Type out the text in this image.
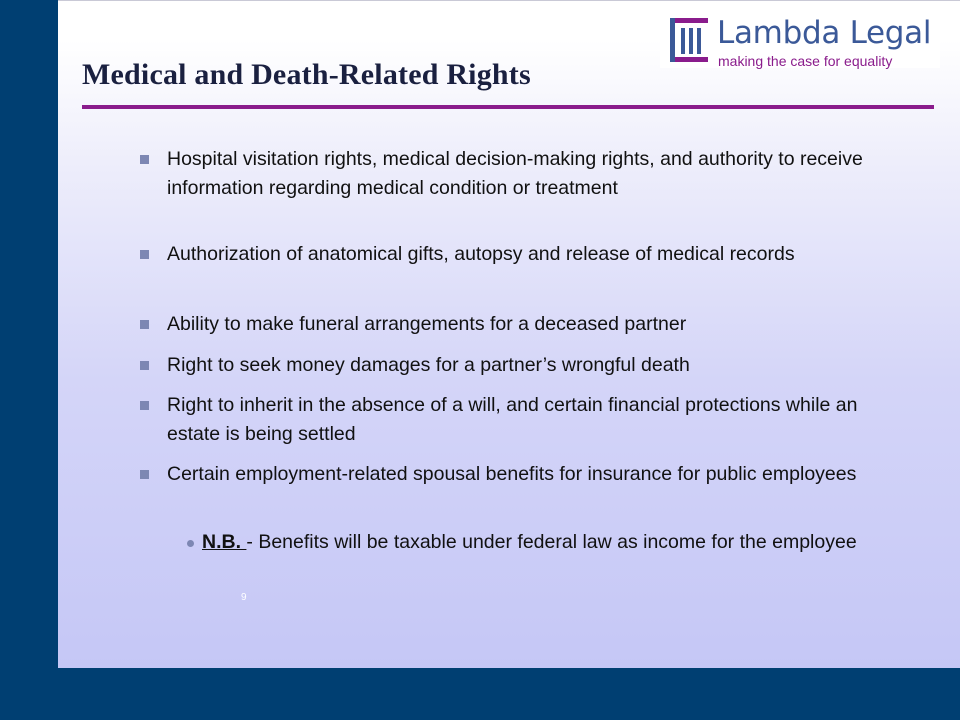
Lambda Legal
making the case for equality
Medical and Death-Related Rights
Hospital visitation rights, medical decision-making rights, and authority to receive information regarding medical condition or treatment
Authorization of anatomical gifts, autopsy and release of medical records
Ability to make funeral arrangements for a deceased partner
Right to seek money damages for a partner’s wrongful death
Right to inherit in the absence of a will, and certain financial protections while an estate is being settled
Certain employment-related spousal benefits for insurance for public employees
N.B. - Benefits will be taxable under federal law as income for the employee
9
